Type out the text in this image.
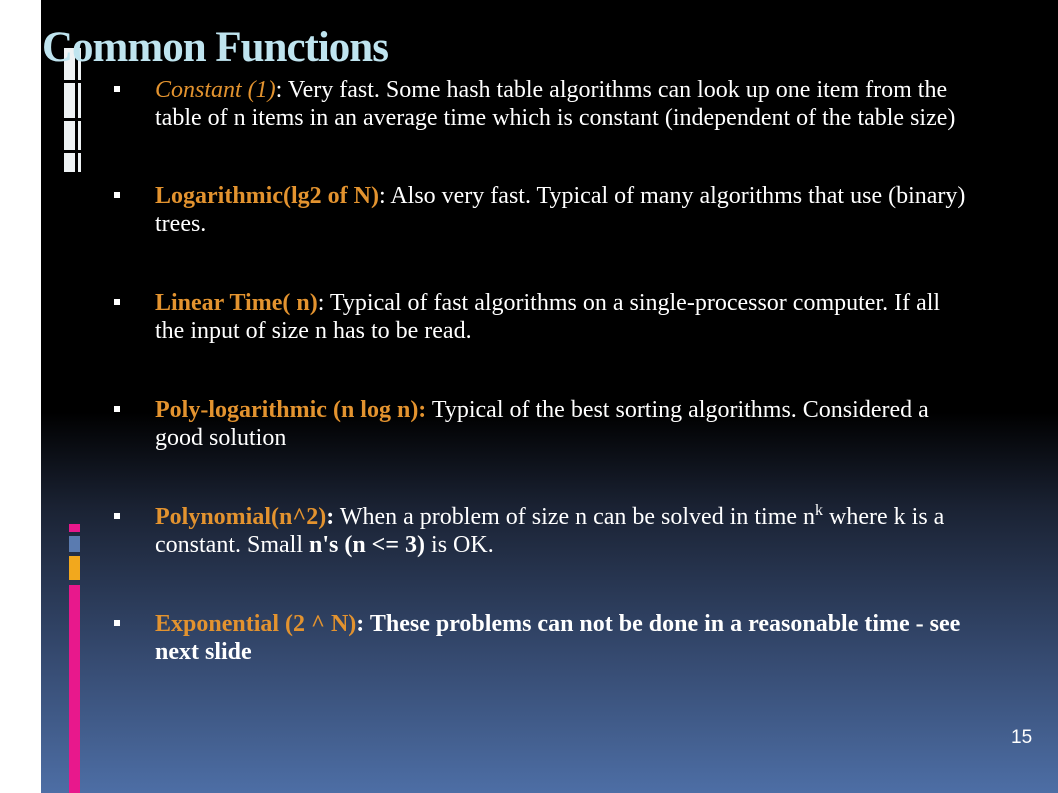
15
Common Functions
Constant (1): Very fast. Some hash table algorithms can look up one item from the table of n items in an average time which is constant (independent of the table size)
Logarithmic(lg2 of N): Also very fast. Typical of many algorithms that use (binary) trees.
Linear Time( n): Typical of fast algorithms on a single-processor computer. If all the input of size n has to be read.
Poly-logarithmic (n log n): Typical of the best sorting algorithms. Considered a good solution
Polynomial(n^2): When a problem of size n can be solved in time $n^k$ where k is a constant. Small n's (n <= 3) is OK.
Exponential (2 ^ N): These problems can not be done in a reasonable time - see next slide
